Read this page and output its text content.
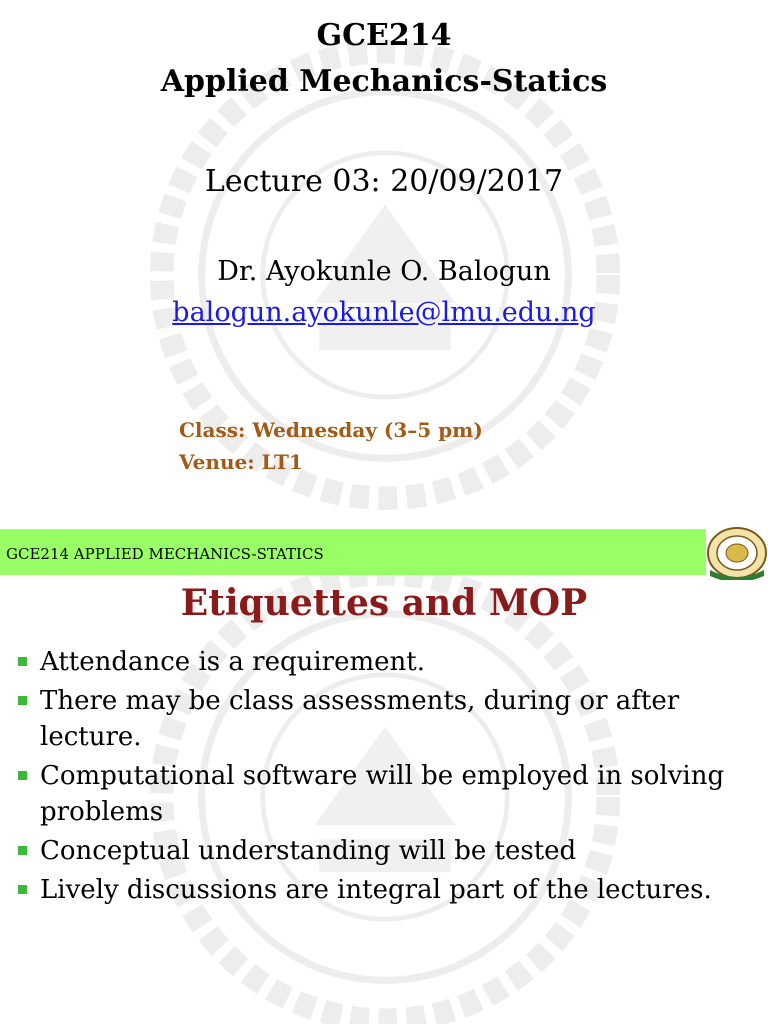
GCE214
Applied Mechanics-Statics
Lecture 03: 20/09/2017
Dr. Ayokunle O. Balogun
balogun.ayokunle@lmu.edu.ng
Class: Wednesday (3–5 pm)
Venue: LT1
GCE214 APPLIED MECHANICS-STATICS
Etiquettes and MOP
Attendance is a requirement.
There may be class assessments, during or after lecture.
Computational software will be employed in solving problems
Conceptual understanding will be tested
Lively discussions are integral part of the lectures.
